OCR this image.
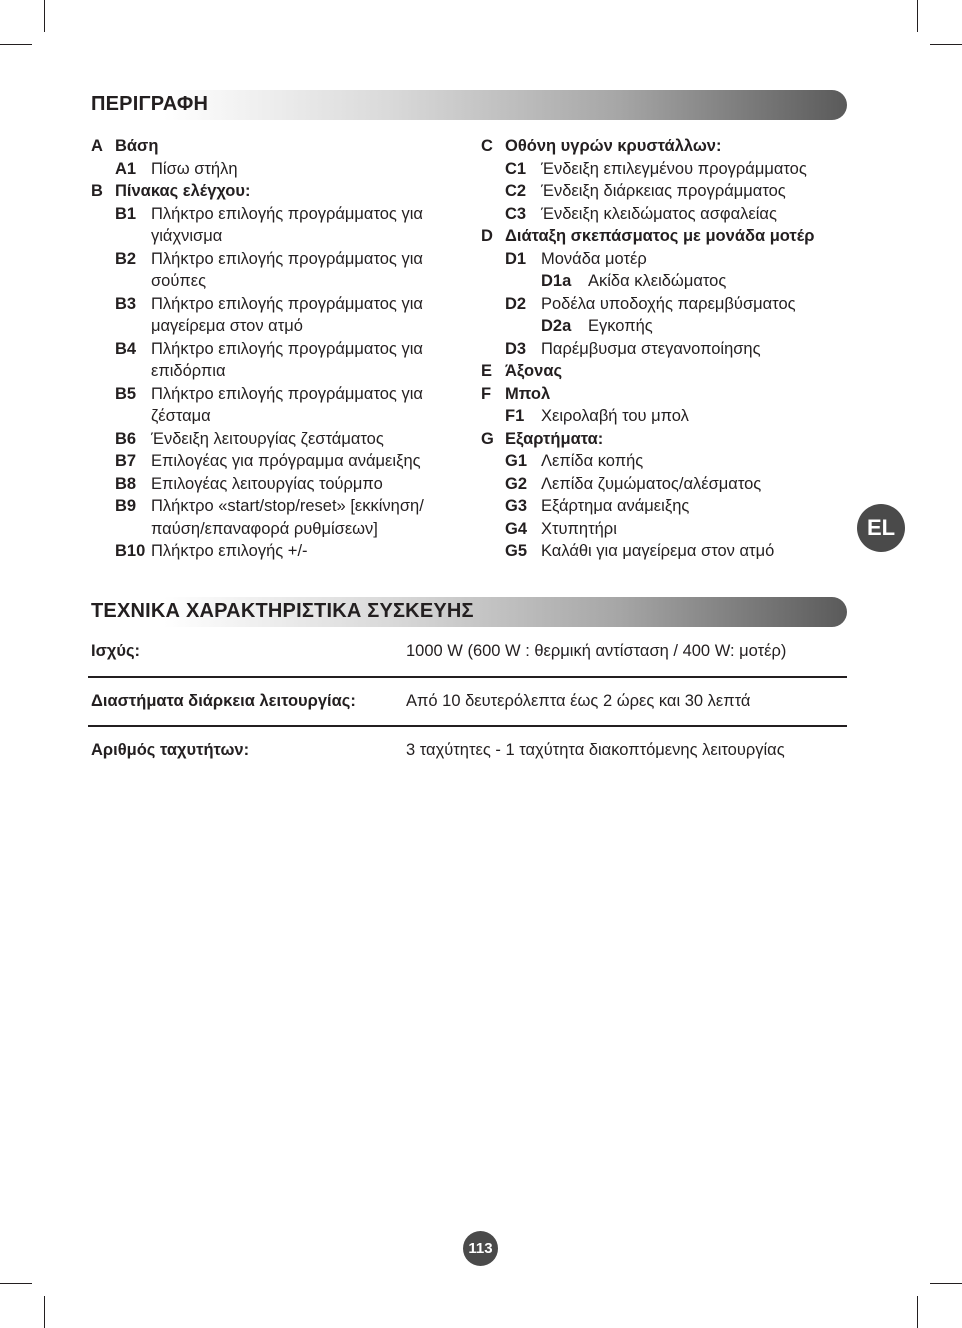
ΠΕΡΙΓΡΑΦΗ
A Βάση
A1 Πίσω στήλη
B Πίνακας ελέγχου:
B1 Πλήκτρο επιλογής προγράμματος για γιάχνισμα
B2 Πλήκτρο επιλογής προγράμματος για σούπες
B3 Πλήκτρο επιλογής προγράμματος για μαγείρεμα στον ατμό
B4 Πλήκτρο επιλογής προγράμματος για επιδόρπια
B5 Πλήκτρο επιλογής προγράμματος για ζέσταμα
B6 Ένδειξη λειτουργίας ζεστάματος
B7 Επιλογέας για πρόγραμμα ανάμειξης
B8 Επιλογέας λειτουργίας τούρμπο
B9 Πλήκτρο «start/stop/reset» [εκκίνηση/ παύση/επαναφορά ρυθμίσεων]
B10 Πλήκτρο επιλογής +/-
C Οθόνη υγρών κρυστάλλων:
C1 Ένδειξη επιλεγμένου προγράμματος
C2 Ένδειξη διάρκειας προγράμματος
C3 Ένδειξη κλειδώματος ασφαλείας
D Διάταξη σκεπάσματος με μονάδα μοτέρ
D1 Μονάδα μοτέρ
D1a	Ακίδα κλειδώματος
D2 Ροδέλα υποδοχής παρεμβύσματος
D2a	Εγκοπής
D3 Παρέμβυσμα στεγανοποίησης
E Άξονας
F Μπολ
F1	Χειρολαβή του μπολ
G Εξαρτήματα:
G1 Λεπίδα κοπής
G2 Λεπίδα ζυμώματος/αλέσματος
G3 Εξάρτημα ανάμειξης
G4 Χτυπητήρι
G5 Καλάθι για μαγείρεμα στον ατμό
EL
ΤΕΧΝΙΚΑ ΧΑΡΑΚΤΗΡΙΣΤΙΚΑ ΣΥΣΚΕΥΗΣ
Ισχύς:	1000 W (600 W : θερμική αντίσταση / 400 W: μοτέρ)
Διαστήματα διάρκεια λειτουργίας:	Από 10 δευτερόλεπτα έως 2 ώρες και 30 λεπτά
Αριθμός ταχυτήτων:	3 ταχύτητες - 1 ταχύτητα διακοπτόμενης λειτουργίας
113
